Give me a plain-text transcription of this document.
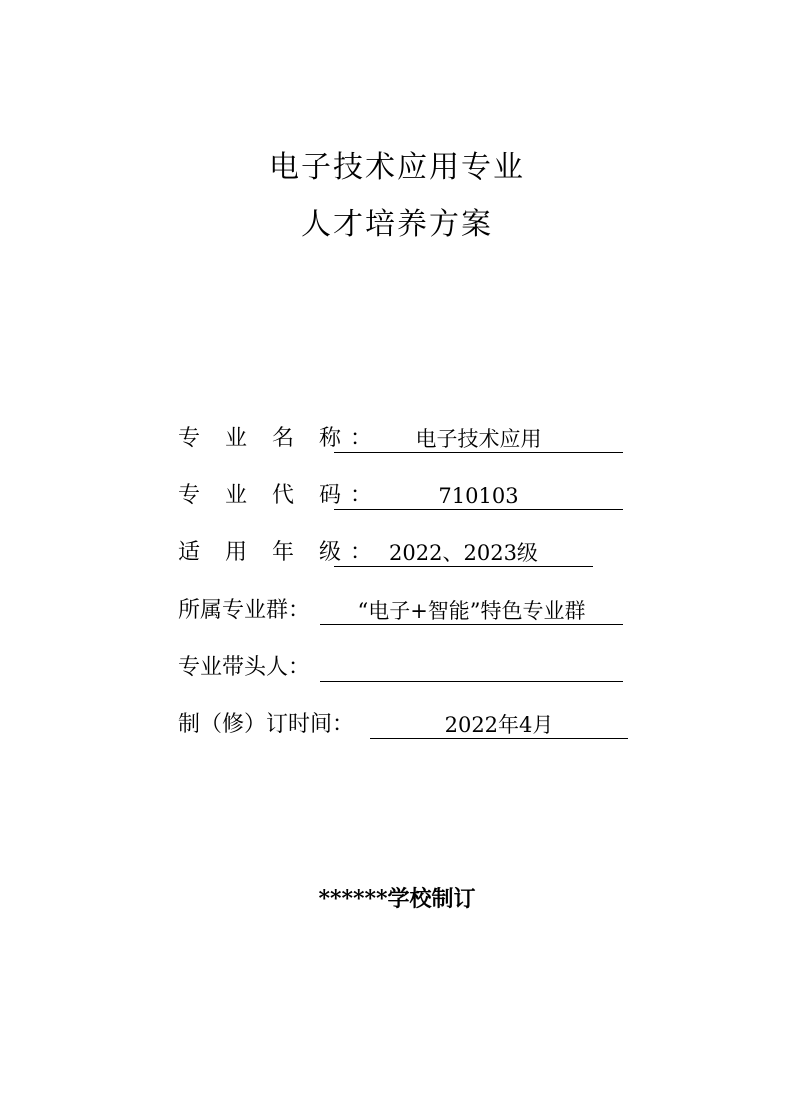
电子技术应用专业
人才培养方案
专 业 名 称：	电子技术应用
专 业 代 码：	710103
适 用 年 级： 2022、2023级
所属专业群：	“电子+智能”特色专业群
专业带头人：
制（修）订时间：	2022年4月
******学校制订
